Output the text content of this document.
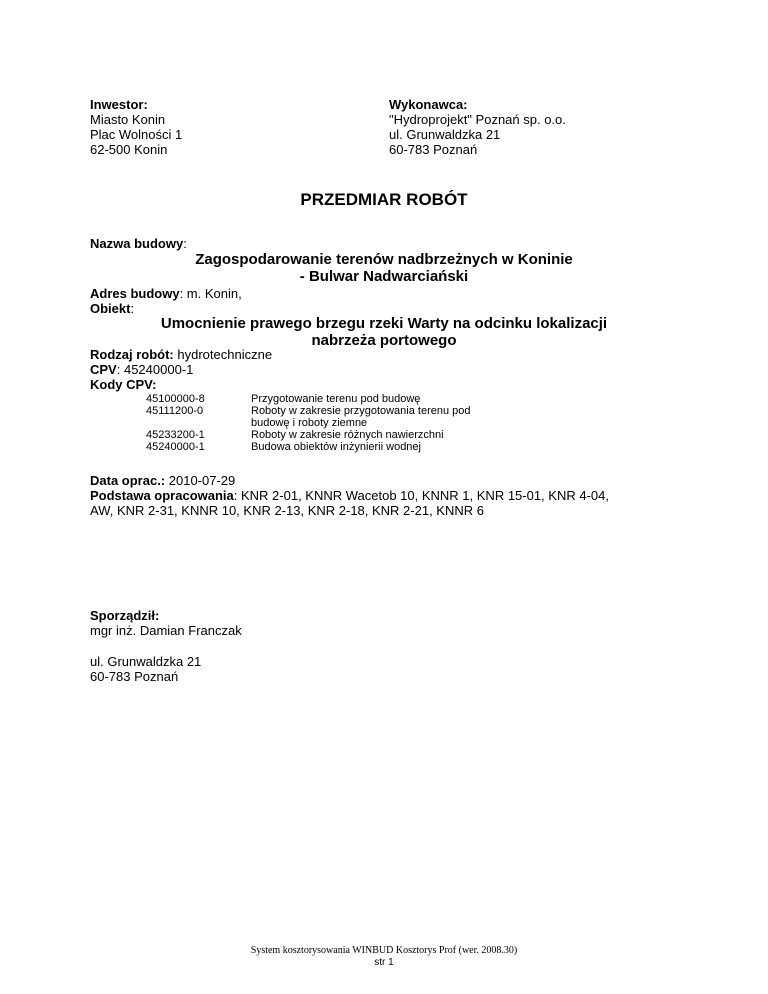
Inwestor:
Miasto Konin
Plac Wolności 1
62-500 Konin
Wykonawca:
"Hydroprojekt" Poznań sp. o.o.
ul. Grunwaldzka 21
60-783 Poznań
PRZEDMIAR ROBÓT
Nazwa budowy:
Zagospodarowanie terenów nadbrzeżnych w Koninie
- Bulwar Nadwarciański
Adres budowy: m. Konin,
Obiekt:
Umocnienie prawego brzegu rzeki Warty na odcinku lokalizacji
nabrzeża portowego
Rodzaj robót: hydrotechniczne
CPV: 45240000-1
Kody CPV:
45100000-8	Przygotowanie terenu pod budowę
45111200-0	Roboty w zakresie przygotowania terenu pod budowę i roboty ziemne
45233200-1	Roboty w zakresie różnych nawierzchni
45240000-1	Budowa obiektów inżynierii wodnej
Data oprac.: 2010-07-29
Podstawa opracowania: KNR 2-01, KNNR Wacetob 10, KNNR 1, KNR 15-01, KNR 4-04,
AW, KNR 2-31, KNNR 10, KNR 2-13, KNR 2-18, KNR 2-21, KNNR 6
Sporządził:
mgr inż. Damian Franczak
ul. Grunwaldzka 21
60-783 Poznań
System kosztorysowania WINBUD Kosztorys Prof (wer. 2008.30)
str 1
